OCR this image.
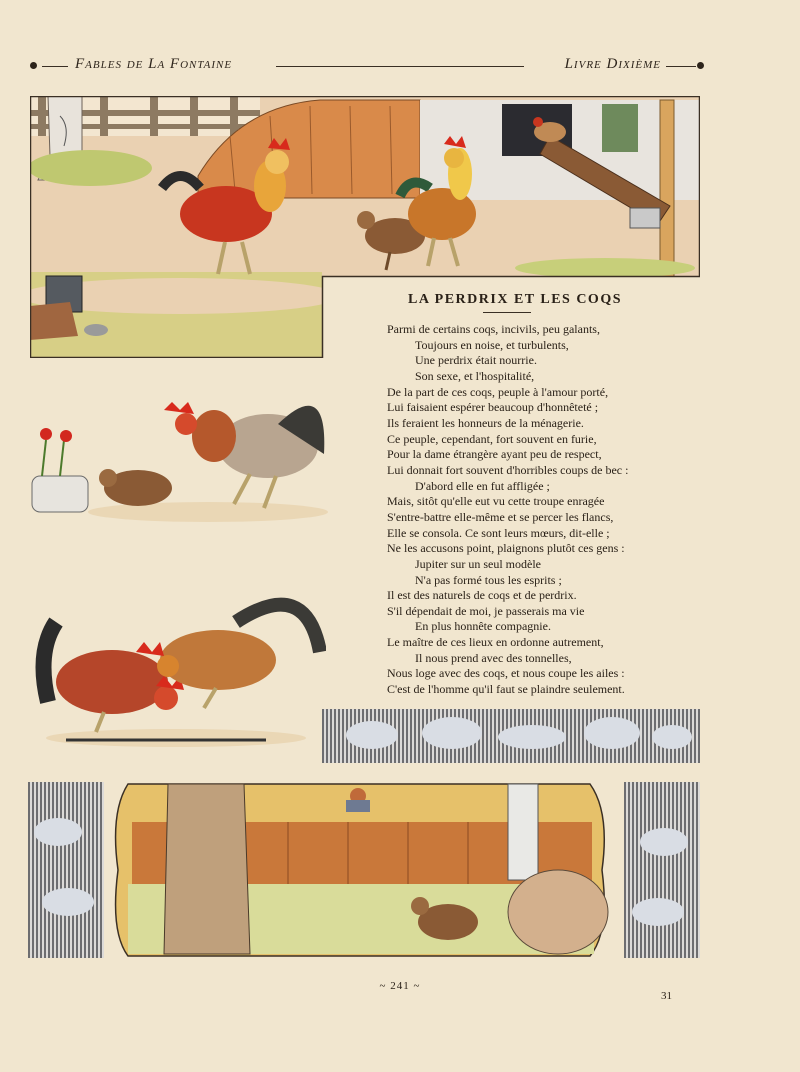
Fables de La Fontaine	Livre Dixième
LA PERDRIX ET LES COQS
Parmi de certains coqs, incivils, peu galants,
Toujours en noise, et turbulents,
Une perdrix était nourrie.
Son sexe, et l'hospitalité,
De la part de ces coqs, peuple à l'amour porté,
Lui faisaient espérer beaucoup d'honnêteté ;
Ils feraient les honneurs de la ménagerie.
Ce peuple, cependant, fort souvent en furie,
Pour la dame étrangère ayant peu de respect,
Lui donnait fort souvent d'horribles coups de bec :
D'abord elle en fut affligée ;
Mais, sitôt qu'elle eut vu cette troupe enragée
S'entre-battre elle-même et se percer les flancs,
Elle se consola. Ce sont leurs mœurs, dit-elle ;
Ne les accusons point, plaignons plutôt ces gens :
Jupiter sur un seul modèle
N'a pas formé tous les esprits ;
Il est des naturels de coqs et de perdrix.
S'il dépendait de moi, je passerais ma vie
En plus honnête compagnie.
Le maître de ces lieux en ordonne autrement,
Il nous prend avec des tonnelles,
Nous loge avec des coqs, et nous coupe les ailes :
C'est de l'homme qu'il faut se plaindre seulement.
~ 241 ~
31
